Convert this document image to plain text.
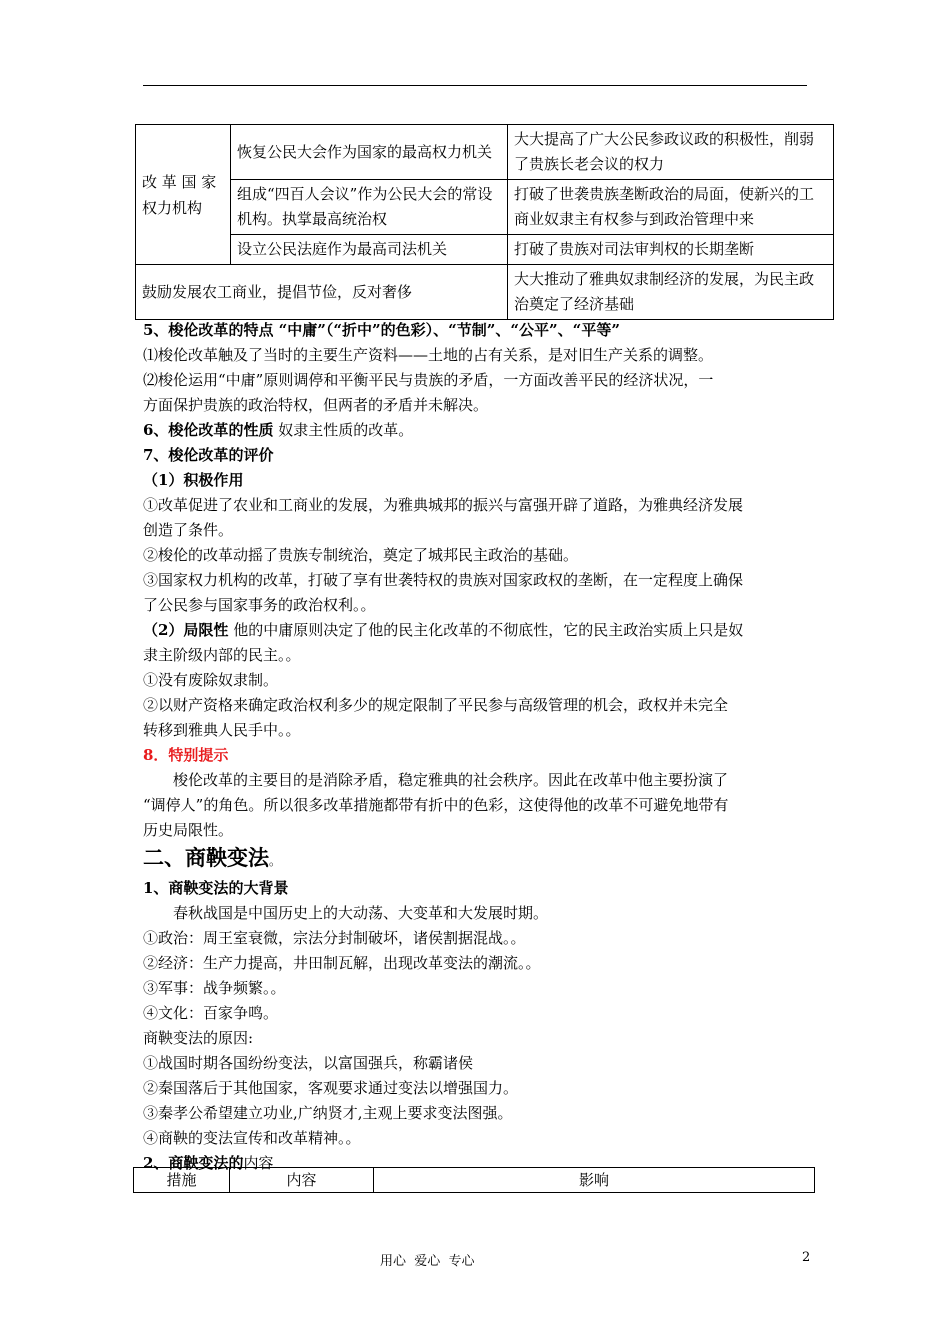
改 革 国 家 权力机构	恢复公民大会作为国家的最高权力机关	大大提高了广大公民参政议政的积极性，削弱了贵族长老会议的权力
	组成“四百人会议”作为公民大会的常设机构。执掌最高统治权	打破了世袭贵族垄断政治的局面，使新兴的工商业奴隶主有权参与到政治管理中来
	设立公民法庭作为最高司法机关	打破了贵族对司法审判权的长期垄断
鼓励发展农工商业，提倡节俭，反对奢侈		大大推动了雅典奴隶制经济的发展，为民主政治奠定了经济基础
5、梭伦改革的特点 “中庸”（“折中”的色彩）、“节制”、“公平”、“平等”
⑴梭伦改革触及了当时的主要生产资料——土地的占有关系，是对旧生产关系的调整。
⑵梭伦运用“中庸”原则调停和平衡平民与贵族的矛盾，一方面改善平民的经济状况，一
方面保护贵族的政治特权，但两者的矛盾并未解决。
6、梭伦改革的性质 奴隶主性质的改革。
7、梭伦改革的评价
（1）积极作用
①改革促进了农业和工商业的发展，为雅典城邦的振兴与富强开辟了道路，为雅典经济发展
创造了条件。
②梭伦的改革动摇了贵族专制统治，奠定了城邦民主政治的基础。
③国家权力机构的改革，打破了享有世袭特权的贵族对国家政权的垄断，在一定程度上确保
了公民参与国家事务的政治权利。。
（2）局限性 他的中庸原则决定了他的民主化改革的不彻底性，它的民主政治实质上只是奴
隶主阶级内部的民主。。
①没有废除奴隶制。
②以财产资格来确定政治权利多少的规定限制了平民参与高级管理的机会，政权并未完全
转移到雅典人民手中。。
8．特别提示
梭伦改革的主要目的是消除矛盾，稳定雅典的社会秩序。因此在改革中他主要扮演了
“调停人”的角色。所以很多改革措施都带有折中的色彩，这使得他的改革不可避免地带有
历史局限性。
二、商鞅变法。
1、商鞅变法的大背景
春秋战国是中国历史上的大动荡、大变革和大发展时期。
①政治：周王室衰微，宗法分封制破坏，诸侯割据混战。。
②经济：生产力提高，井田制瓦解，出现改革变法的潮流。。
③军事：战争频繁。。
④文化：百家争鸣。
商鞅变法的原因:
①战国时期各国纷纷变法，以富国强兵，称霸诸侯
②秦国落后于其他国家，客观要求通过变法以增强国力。
③秦孝公希望建立功业,广纳贤才,主观上要求变法图强。
④商鞅的变法宣传和改革精神。。
2、商鞅变法的内容
措施	内容	影响
用心  爱心  专心	2
